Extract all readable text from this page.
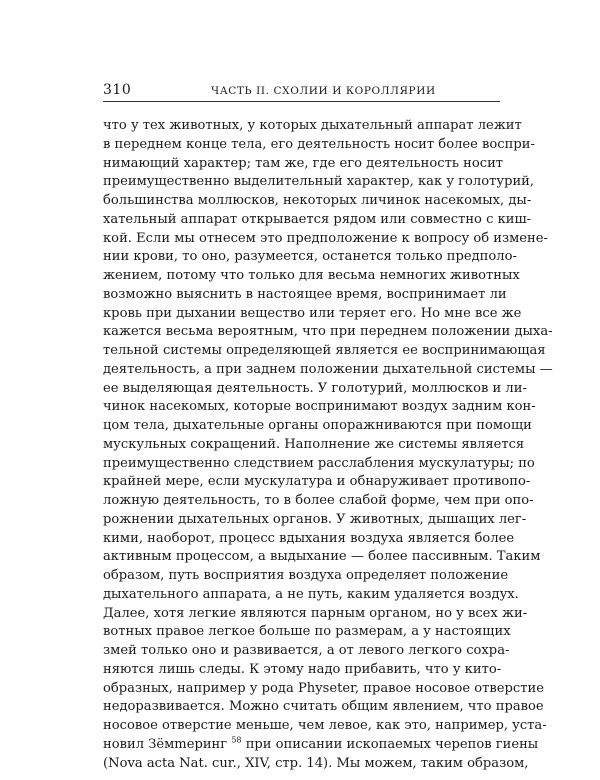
310	ЧАСТЬ II. СХОЛИИ И КОРОЛЛЯРИИ
что у тех животных, у которых дыхательный аппарат лежит
в переднем конце тела, его деятельность носит более воспри-
нимающий характер; там же, где его деятельность носит
преимущественно выделительный характер, как у голотурий,
большинства моллюсков, некоторых личинок насекомых, ды-
хательный аппарат открывается рядом или совместно с киш-
кой. Если мы отнесем это предположение к вопросу об измене-
нии крови, то оно, разумеется, останется только предполо-
жением, потому что только для весьма немногих животных
возможно выяснить в настоящее время, воспринимает ли
кровь при дыхании вещество или теряет его. Но мне все же
кажется весьма вероятным, что при переднем положении дыха-
тельной системы определяющей является ее воспринимающая
деятельность, а при заднем положении дыхательной системы —
ее выделяющая деятельность. У голотурий, моллюсков и ли-
чинок насекомых, которые воспринимают воздух задним кон-
цом тела, дыхательные органы опоражниваются при помощи
мускульных сокращений. Наполнение же системы является
преимущественно следствием расслабления мускулатуры; по
крайней мере, если мускулатура и обнаруживает противопо-
ложную деятельность, то в более слабой форме, чем при опо-
рожнении дыхательных органов. У животных, дышащих лег-
кими, наоборот, процесс вдыхания воздуха является более
активным процессом, а выдыхание — более пассивным. Таким
образом, путь восприятия воздуха определяет положение
дыхательного аппарата, а не путь, каким удаляется воздух.
Далее, хотя легкие являются парным органом, но у всех жи-
вотных правое легкое больше по размерам, а у настоящих
змей только оно и развивается, а от левого легкого сохра-
няются лишь следы. К этому надо прибавить, что у кито-
образных, например у рода Physeter, правое носовое отверстие
недоразвивается. Можно считать общим явлением, что правое
носовое отверстие меньше, чем левое, как это, например, уста-
новил Зёмmеринг $^{58}$ при описании ископаемых черепов гиены
(Nova acta Nat. cur., XIV, стр. 14). Мы можем, таким образом,
